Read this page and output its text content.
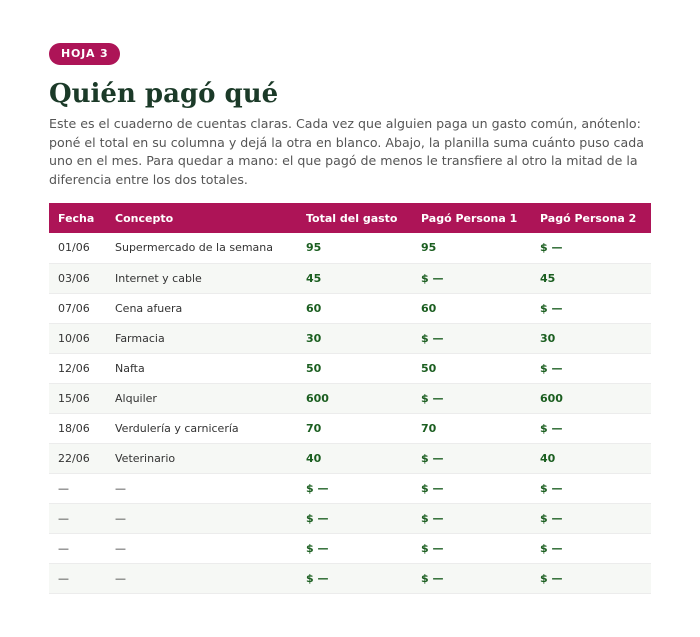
HOJA 3
Quién pagó qué

Este es el cuaderno de cuentas claras. Cada vez que alguien paga un gasto común, anótenlo: poné el total en su columna y dejá la otra en blanco. Abajo, la planilla suma cuánto puso cada uno en el mes. Para quedar a mano: el que pagó de menos le transfiere al otro la mitad de la diferencia entre los dos totales.

Fecha	Concepto	Total del gasto	Pagó Persona 1	Pagó Persona 2
01/06	Supermercado de la semana	95	95	$ —
03/06	Internet y cable	45	$ —	45
07/06	Cena afuera	60	60	$ —
10/06	Farmacia	30	$ —	30
12/06	Nafta	50	50	$ —
15/06	Alquiler	600	$ —	600
18/06	Verdulería y carnicería	70	70	$ —
22/06	Veterinario	40	$ —	40
—	—	$ —	$ —	$ —
—	—	$ —	$ —	$ —
—	—	$ —	$ —	$ —
—	—	$ —	$ —	$ —
